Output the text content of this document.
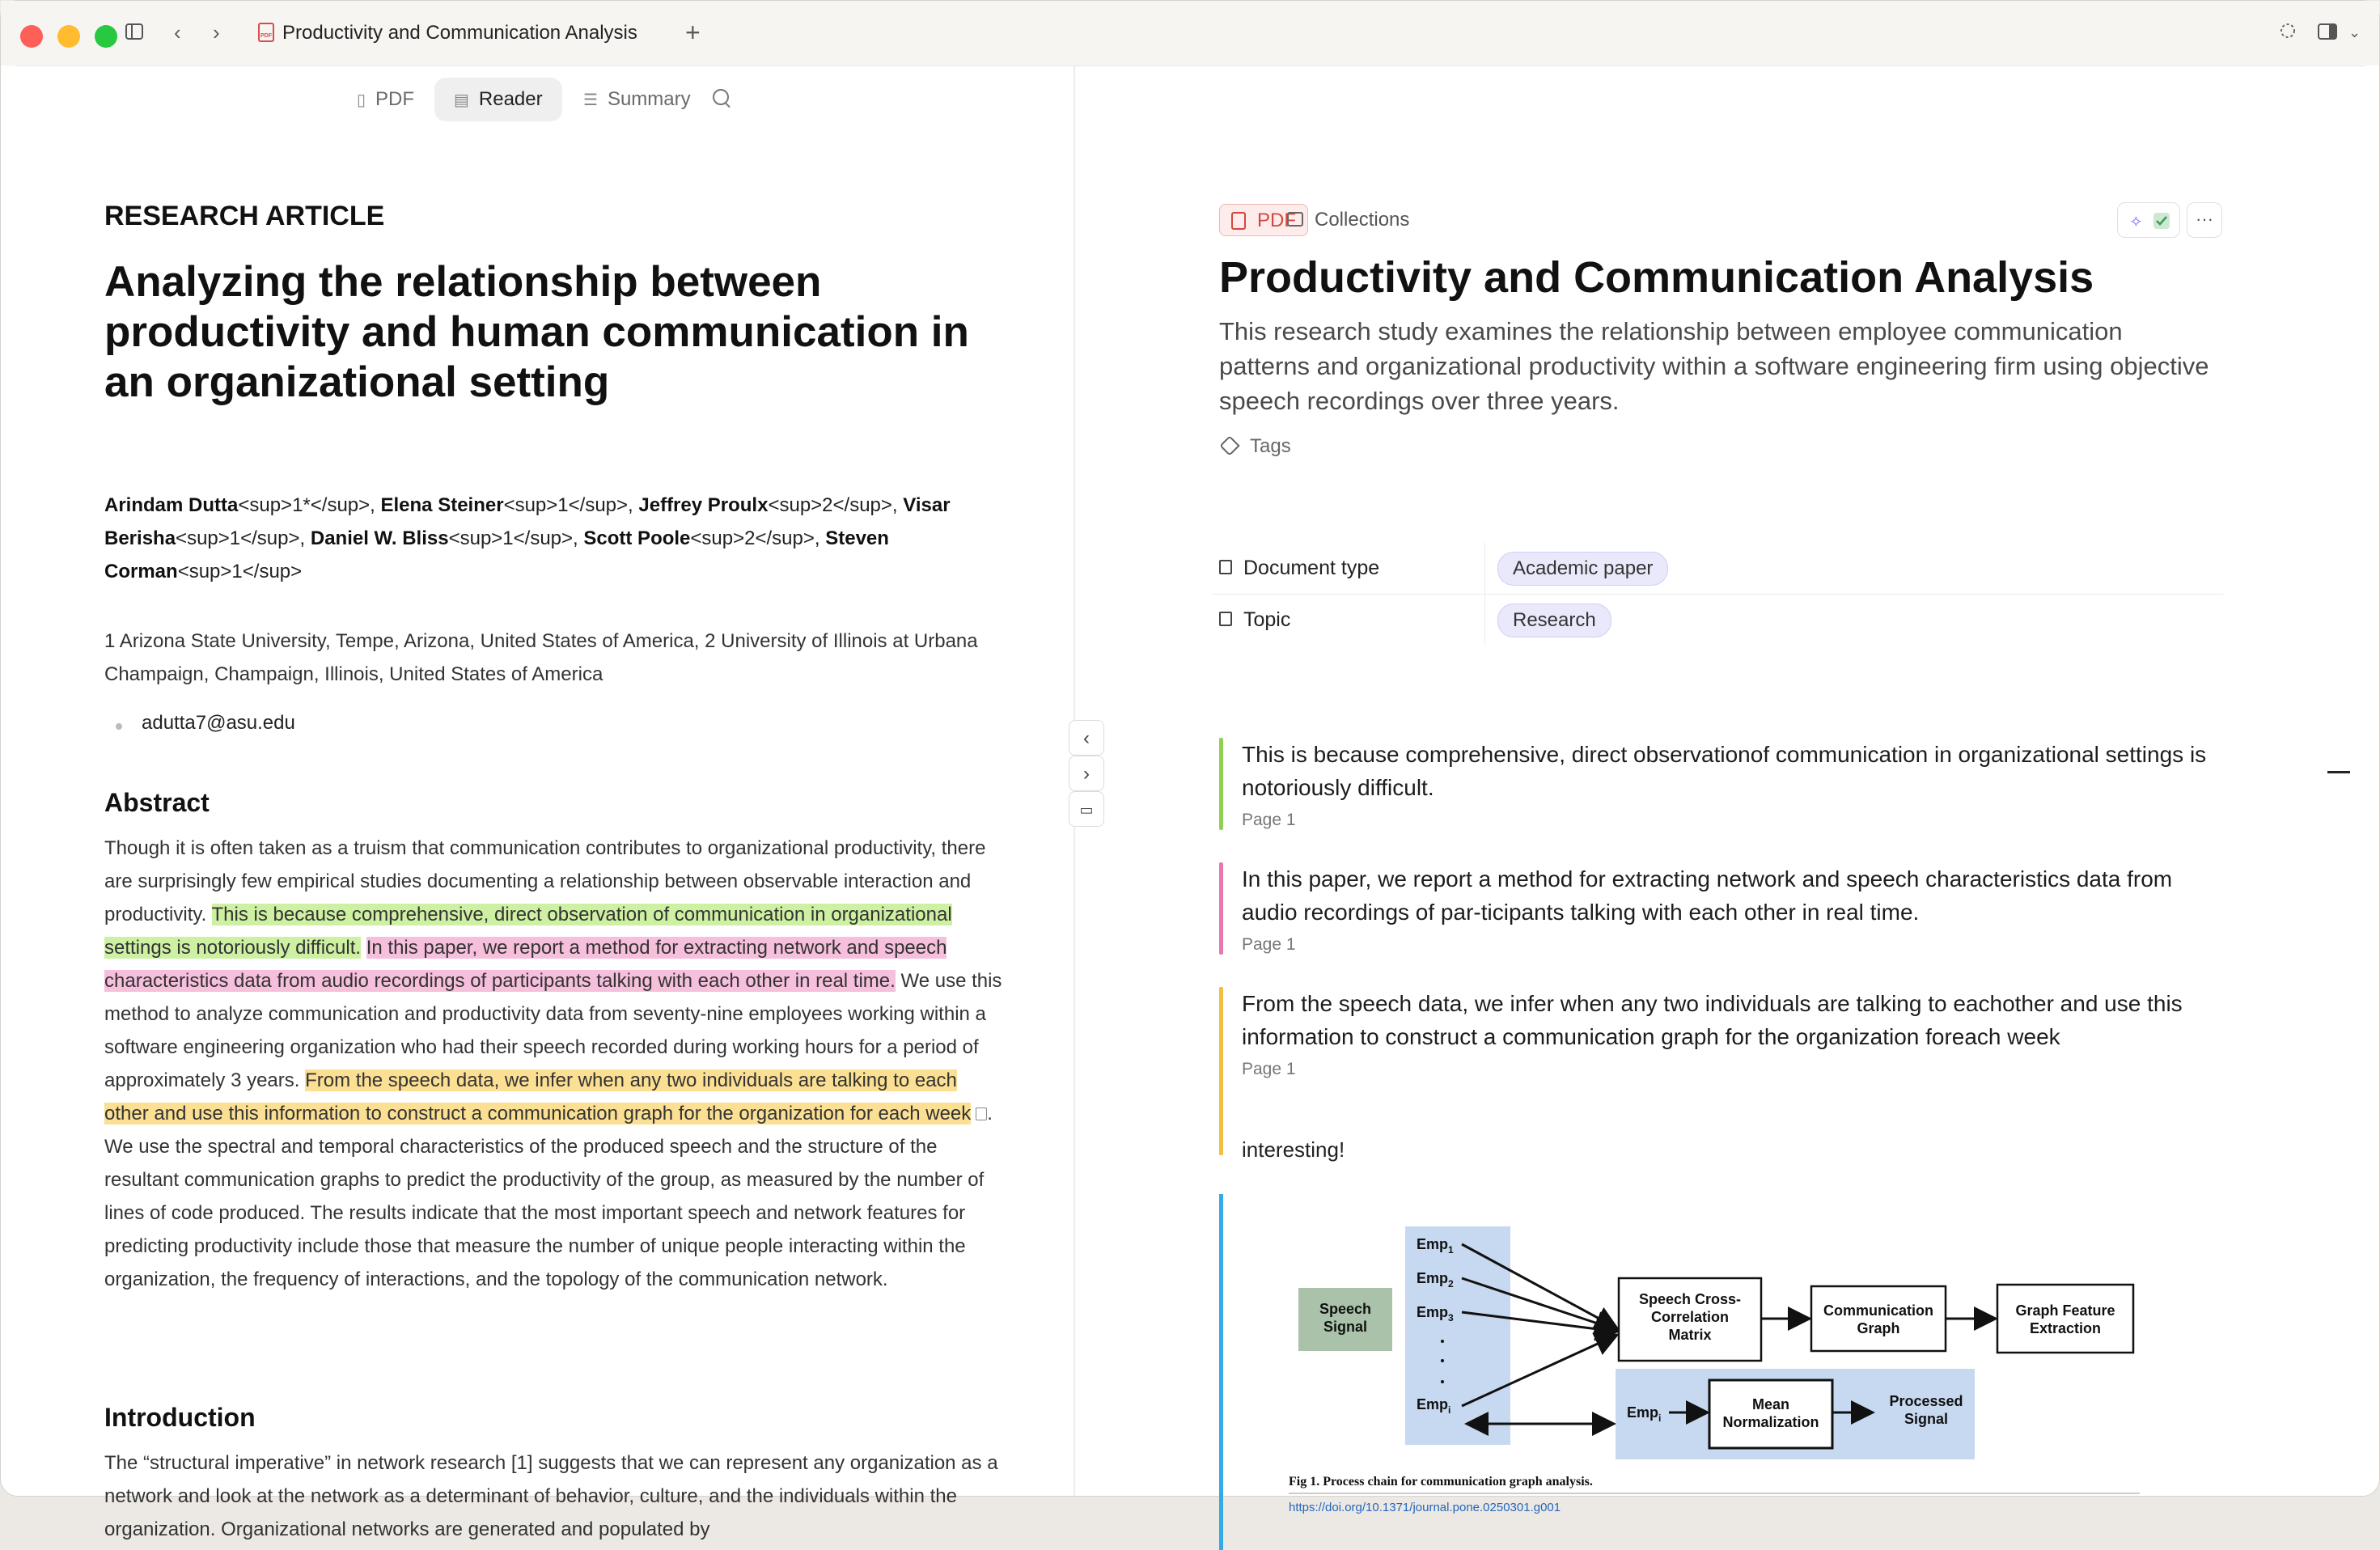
‹ ›	PDF Productivity and Communication Analysis +	⌄
▯ PDF	▤ Reader	☰ Summary
RESEARCH ARTICLE
Analyzing the relationship between productivity and human communication in an organizational setting
Arindam Dutta<sup>1*</sup>, Elena Steiner<sup>1</sup>, Jeffrey Proulx<sup>2</sup>, Visar Berisha<sup>1</sup>, Daniel W. Bliss<sup>1</sup>, Scott Poole<sup>2</sup>, Steven Corman<sup>1</sup>
1 Arizona State University, Tempe, Arizona, United States of America, 2 University of Illinois at Urbana Champaign, Champaign, Illinois, United States of America
adutta7@asu.edu
Abstract
Though it is often taken as a truism that communication contributes to organizational productivity, there are surprisingly few empirical studies documenting a relationship between observable interaction and productivity. This is because comprehensive, direct observation of communication in organizational settings is notoriously difficult. In this paper, we report a method for extracting network and speech characteristics data from audio recordings of participants talking with each other in real time. We use this method to analyze communication and productivity data from seventy-nine employees working within a software engineering organization who had their speech recorded during working hours for a period of approximately 3 years. From the speech data, we infer when any two individuals are talking to each other and use this information to construct a communication graph for the organization for each week . We use the spectral and temporal characteristics of the produced speech and the structure of the resultant communication graphs to predict the productivity of the group, as measured by the number of lines of code produced. The results indicate that the most important speech and network features for predicting productivity include those that measure the number of unique people interacting within the organization, the frequency of interactions, and the topology of the communication network.
Introduction
The “structural imperative” in network research [1] suggests that we can represent any organization as a network and look at the network as a determinant of behavior, culture, and the individuals within the organization. Organizational networks are generated and populated by
‹
›
▭
PDF Collections	✧	···
Productivity and Communication Analysis
This research study examines the relationship between employee communication patterns and organizational productivity within a software engineering firm using objective speech recordings over three years.
Tags
Document type	Academic paper
Topic	Research
This is because comprehensive, direct observationof communication in organizational settings is notoriously difficult.
Page 1
In this paper, we report a method for extracting network and speech characteristics data from audio recordings of par-ticipants talking with each other in real time.
Page 1
From the speech data, we infer when any two individuals are talking to eachother and use this information to construct a communication graph for the organization foreach week
Page 1
interesting!
Speech
Signal
Emp$_1$
Emp$_2$
Emp$_3$
Emp$_i$
Speech Cross-
Correlation
Matrix
Communication
Graph
Graph Feature
Extraction
Emp$_i$
Mean
Normalization
Processed
Signal
Fig 1. Process chain for communication graph analysis.
https://doi.org/10.1371/journal.pone.0250301.g001
